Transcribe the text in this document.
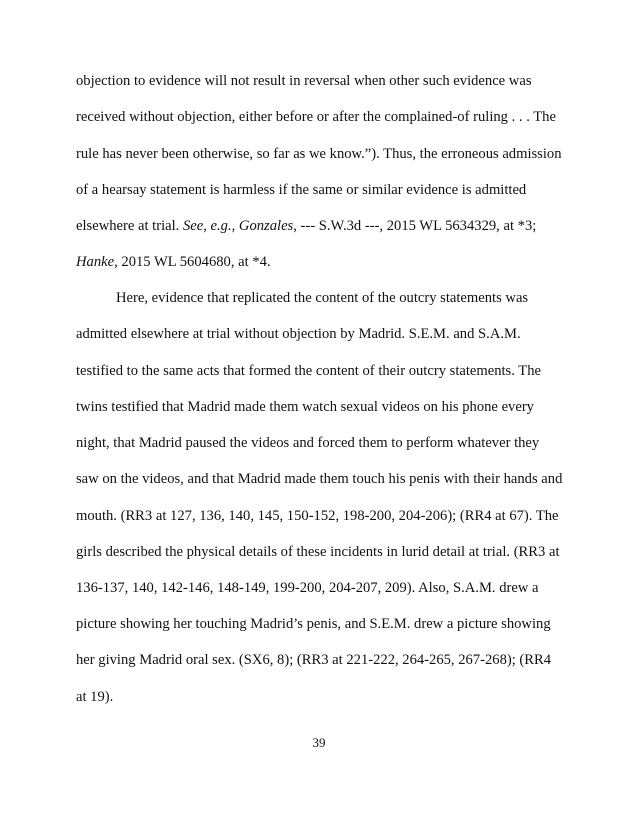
objection to evidence will not result in reversal when other such evidence was
received without objection, either before or after the complained-of ruling . . . The
rule has never been otherwise, so far as we know.”). Thus, the erroneous admission
of a hearsay statement is harmless if the same or similar evidence is admitted
elsewhere at trial. See, e.g., Gonzales, --- S.W.3d ---, 2015 WL 5634329, at *3;
Hanke, 2015 WL 5604680, at *4.
Here, evidence that replicated the content of the outcry statements was
admitted elsewhere at trial without objection by Madrid. S.E.M. and S.A.M.
testified to the same acts that formed the content of their outcry statements. The
twins testified that Madrid made them watch sexual videos on his phone every
night, that Madrid paused the videos and forced them to perform whatever they
saw on the videos, and that Madrid made them touch his penis with their hands and
mouth. (RR3 at 127, 136, 140, 145, 150-152, 198-200, 204-206); (RR4 at 67). The
girls described the physical details of these incidents in lurid detail at trial. (RR3 at
136-137, 140, 142-146, 148-149, 199-200, 204-207, 209). Also, S.A.M. drew a
picture showing her touching Madrid’s penis, and S.E.M. drew a picture showing
her giving Madrid oral sex. (SX6, 8); (RR3 at 221-222, 264-265, 267-268); (RR4
at 19).
39
